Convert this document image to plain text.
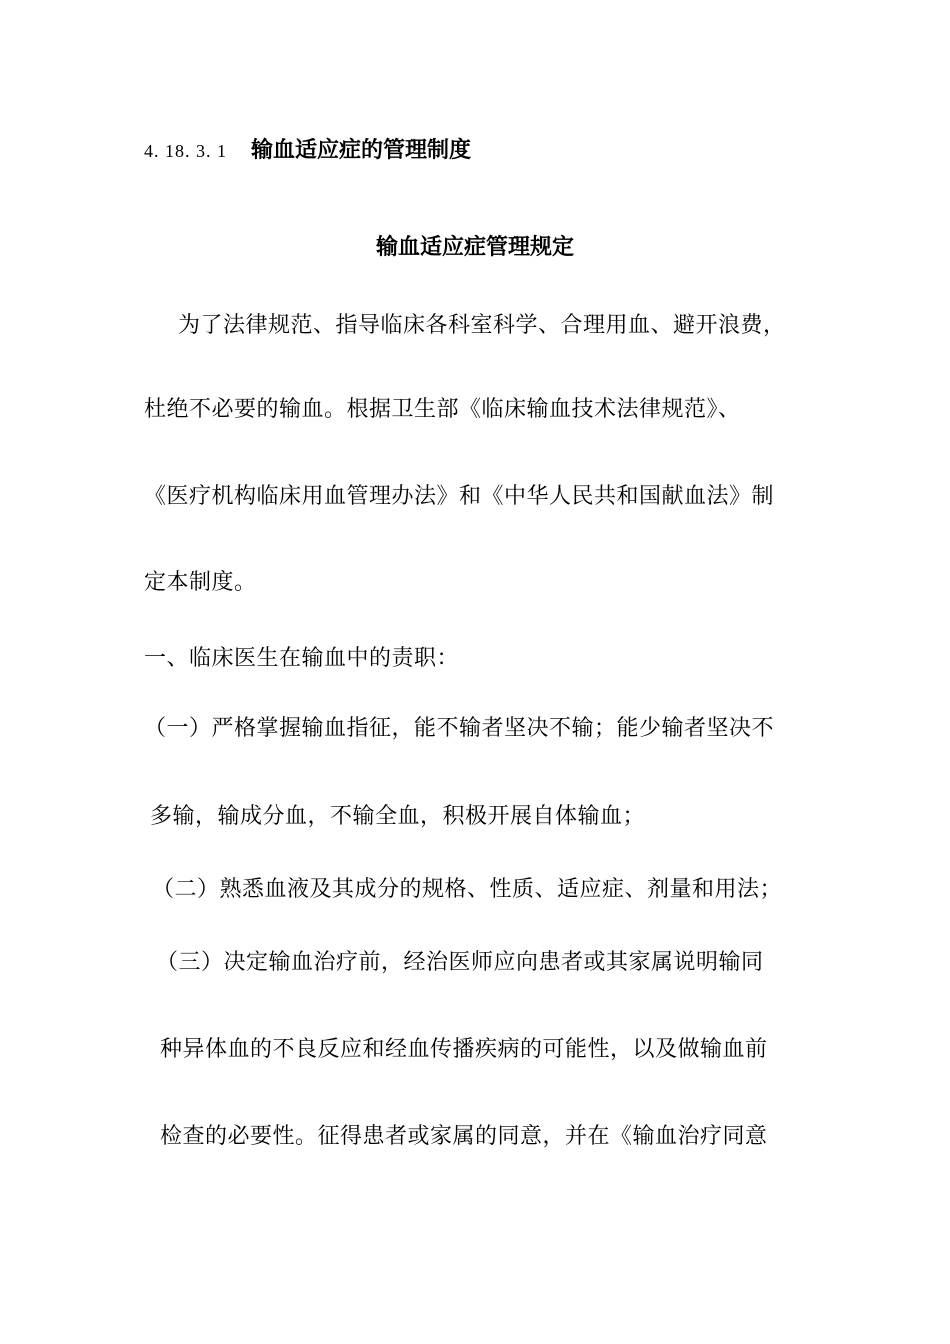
4. 18. 3. 1 输血适应症的管理制度
输血适应症管理规定
为了法律规范、指导临床各科室科学、合理用血、避开浪费，
杜绝不必要的输血。根据卫生部《临床输血技术法律规范》、
《医疗机构临床用血管理办法》和《中华人民共和国献血法》制
定本制度。
一、临床医生在输血中的责职：
（一）严格掌握输血指征，能不输者坚决不输；能少输者坚决不
多输，输成分血，不输全血，积极开展自体输血；
（二）熟悉血液及其成分的规格、性质、适应症、剂量和用法；
（三）决定输血治疗前，经治医师应向患者或其家属说明输同
种异体血的不良反应和经血传播疾病的可能性，以及做输血前
检查的必要性。征得患者或家属的同意，并在《输血治疗同意
